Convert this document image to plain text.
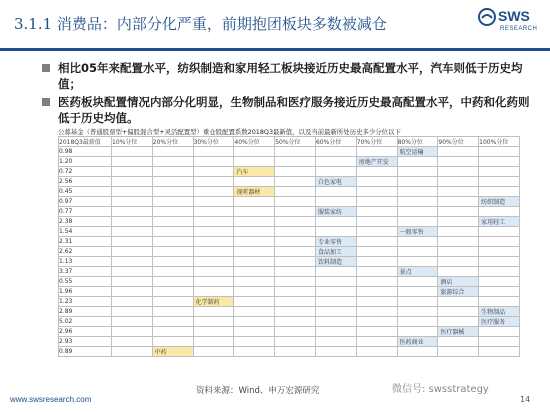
3.1.1 消费品：内部分化严重，前期抱团板块多数被减仓	SWS
RESEARCH
相比05年来配置水平，纺织制造和家用轻工板块接近历史最高配置水平，汽车则低于历史均值；
医药板块配置情况内部分化明显，生物制品和医疗服务接近历史最高配置水平，中药和化药则低于历史均值。
公募基金（普通股票型+偏股混合型+灵活配置型）重仓股配置系数2018Q3最新值，以及当前最新所处历史多少分位以下
2018Q3最新值	10%分位	20%分位	30%分位	40%分位	50%分位	60%分位	70%分位	80%分位	90%分位	100%分位
0.98								航空运输		

1.20							房地产开发			

0.72				汽车						

2.56						白色家电				

0.45				视听器材						

0.97										纺织制造

0.77						服装家纺				

2.38										家用轻工

1.54								一般零售		

2.31						专业零售				

2.62						食品加工				

1.13						饮料制造				

3.37								景点		

0.55									酒店	

1.96									旅游综合	

1.23			化学制药							

2.89										生物制品

5.02										医疗服务

2.96									医疗器械	

2.93								医药商业		

0.89		中药								

资料来源：Wind、申万宏源研究
www.swsresearch.com
微信号: swsstrategy
14
